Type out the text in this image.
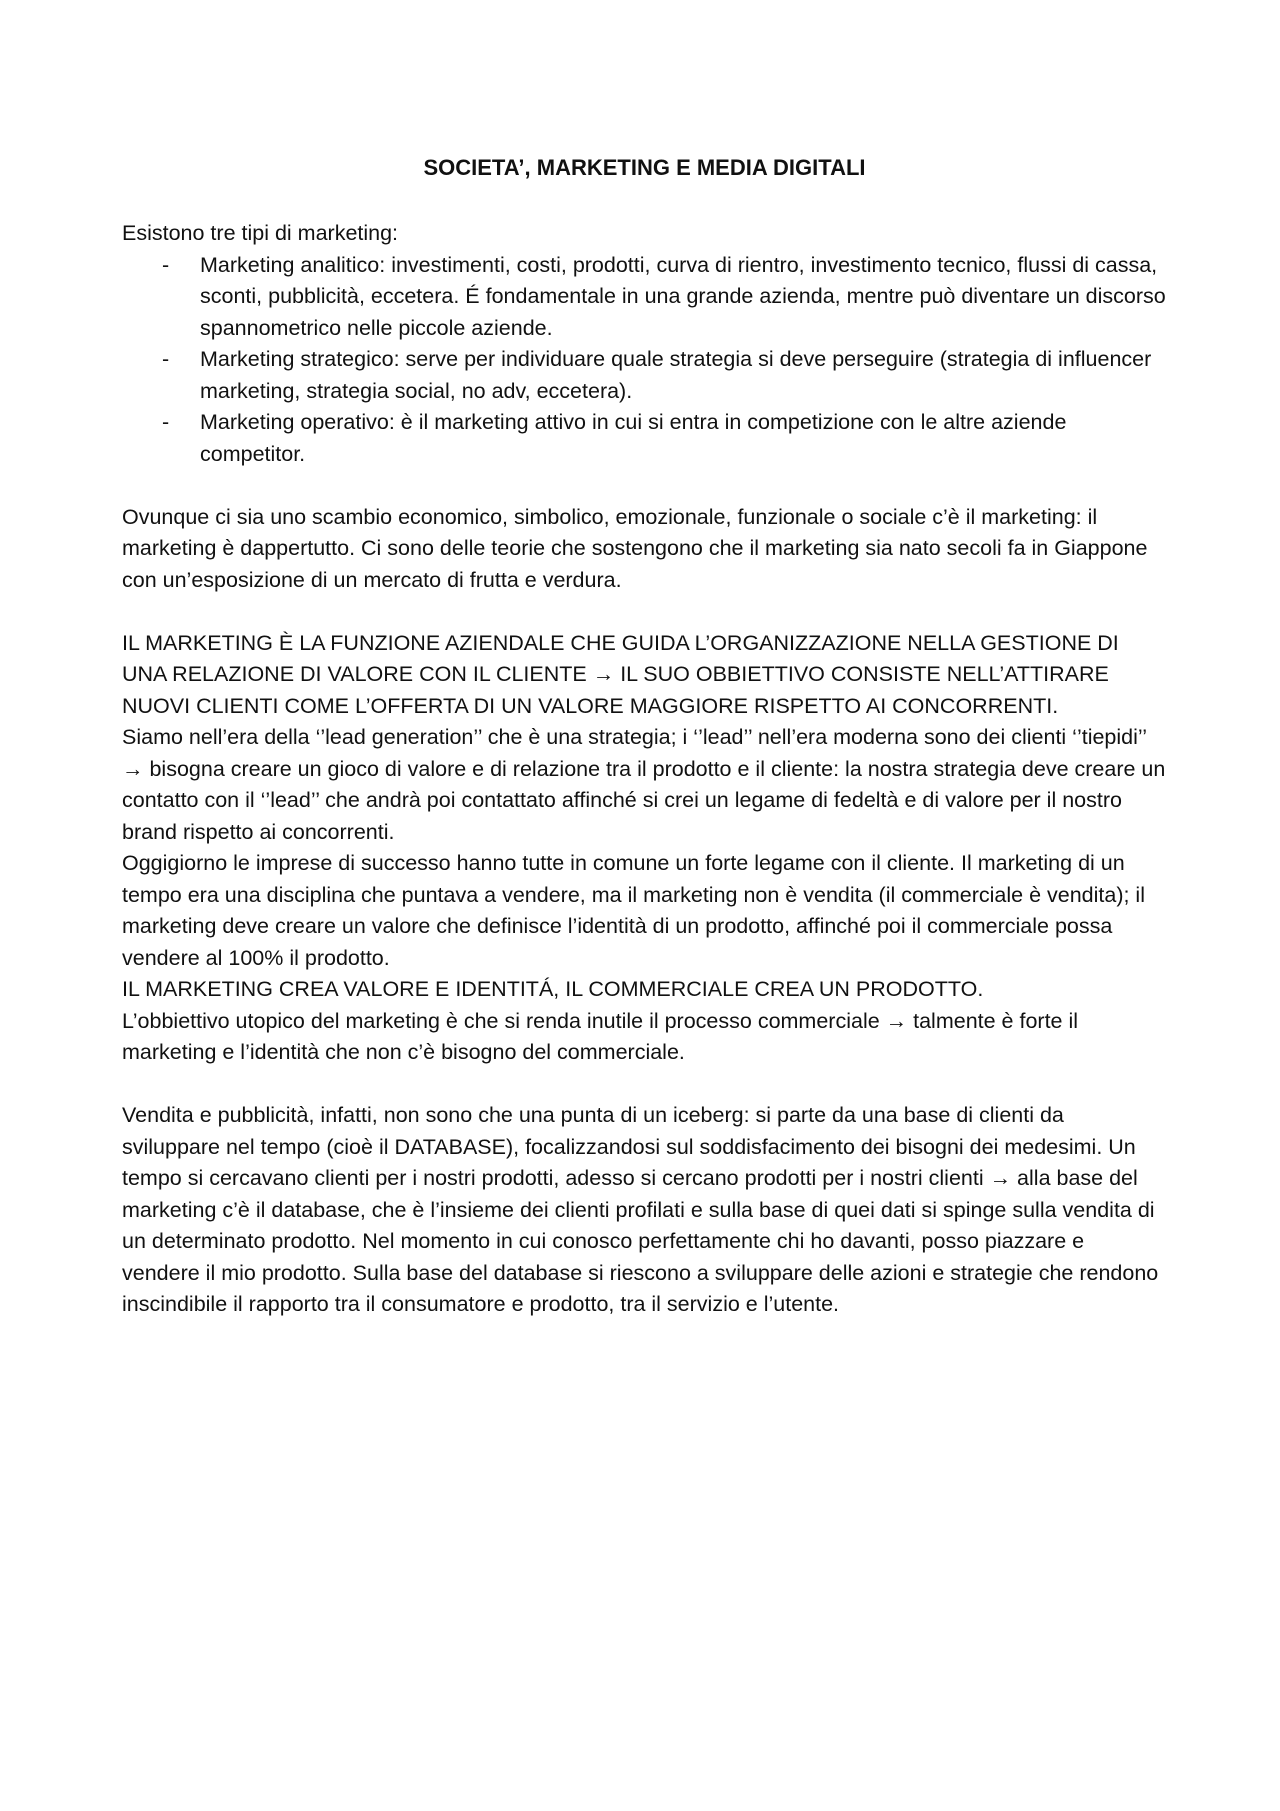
SOCIETA’, MARKETING E MEDIA DIGITALI

Esistono tre tipi di marketing:

- Marketing analitico: investimenti, costi, prodotti, curva di rientro, investimento tecnico, flussi di cassa, sconti, pubblicità, eccetera. É fondamentale in una grande azienda, mentre può diventare un discorso spannometrico nelle piccole aziende.
- Marketing strategico: serve per individuare quale strategia si deve perseguire (strategia di influencer marketing, strategia social, no adv, eccetera).
- Marketing operativo: è il marketing attivo in cui si entra in competizione con le altre aziende competitor.

Ovunque ci sia uno scambio economico, simbolico, emozionale, funzionale o sociale c’è il marketing: il marketing è dappertutto. Ci sono delle teorie che sostengono che il marketing sia nato secoli fa in Giappone con un’esposizione di un mercato di frutta e verdura.

IL MARKETING È LA FUNZIONE AZIENDALE CHE GUIDA L’ORGANIZZAZIONE NELLA GESTIONE DI UNA RELAZIONE DI VALORE CON IL CLIENTE → IL SUO OBBIETTIVO CONSISTE NELL’ATTIRARE NUOVI CLIENTI COME L’OFFERTA DI UN VALORE MAGGIORE RISPETTO AI CONCORRENTI.

Siamo nell’era della ‘’lead generation’’ che è una strategia; i ‘’lead’’ nell’era moderna sono dei clienti ‘’tiepidi’’ → bisogna creare un gioco di valore e di relazione tra il prodotto e il cliente: la nostra strategia deve creare un contatto con il ‘’lead’’ che andrà poi contattato affinché si crei un legame di fedeltà e di valore per il nostro brand rispetto ai concorrenti.

Oggigiorno le imprese di successo hanno tutte in comune un forte legame con il cliente. Il marketing di un tempo era una disciplina che puntava a vendere, ma il marketing non è vendita (il commerciale è vendita); il marketing deve creare un valore che definisce l’identità di un prodotto, affinché poi il commerciale possa vendere al 100% il prodotto.

IL MARKETING CREA VALORE E IDENTITÁ, IL COMMERCIALE CREA UN PRODOTTO.

L’obbiettivo utopico del marketing è che si renda inutile il processo commerciale → talmente è forte il marketing e l’identità che non c’è bisogno del commerciale.

Vendita e pubblicità, infatti, non sono che una punta di un iceberg: si parte da una base di clienti da sviluppare nel tempo (cioè il DATABASE), focalizzandosi sul soddisfacimento dei bisogni dei medesimi. Un tempo si cercavano clienti per i nostri prodotti, adesso si cercano prodotti per i nostri clienti → alla base del marketing c’è il database, che è l’insieme dei clienti profilati e sulla base di quei dati si spinge sulla vendita di un determinato prodotto. Nel momento in cui conosco perfettamente chi ho davanti, posso piazzare e vendere il mio prodotto. Sulla base del database si riescono a sviluppare delle azioni e strategie che rendono inscindibile il rapporto tra il consumatore e prodotto, tra il servizio e l’utente.
